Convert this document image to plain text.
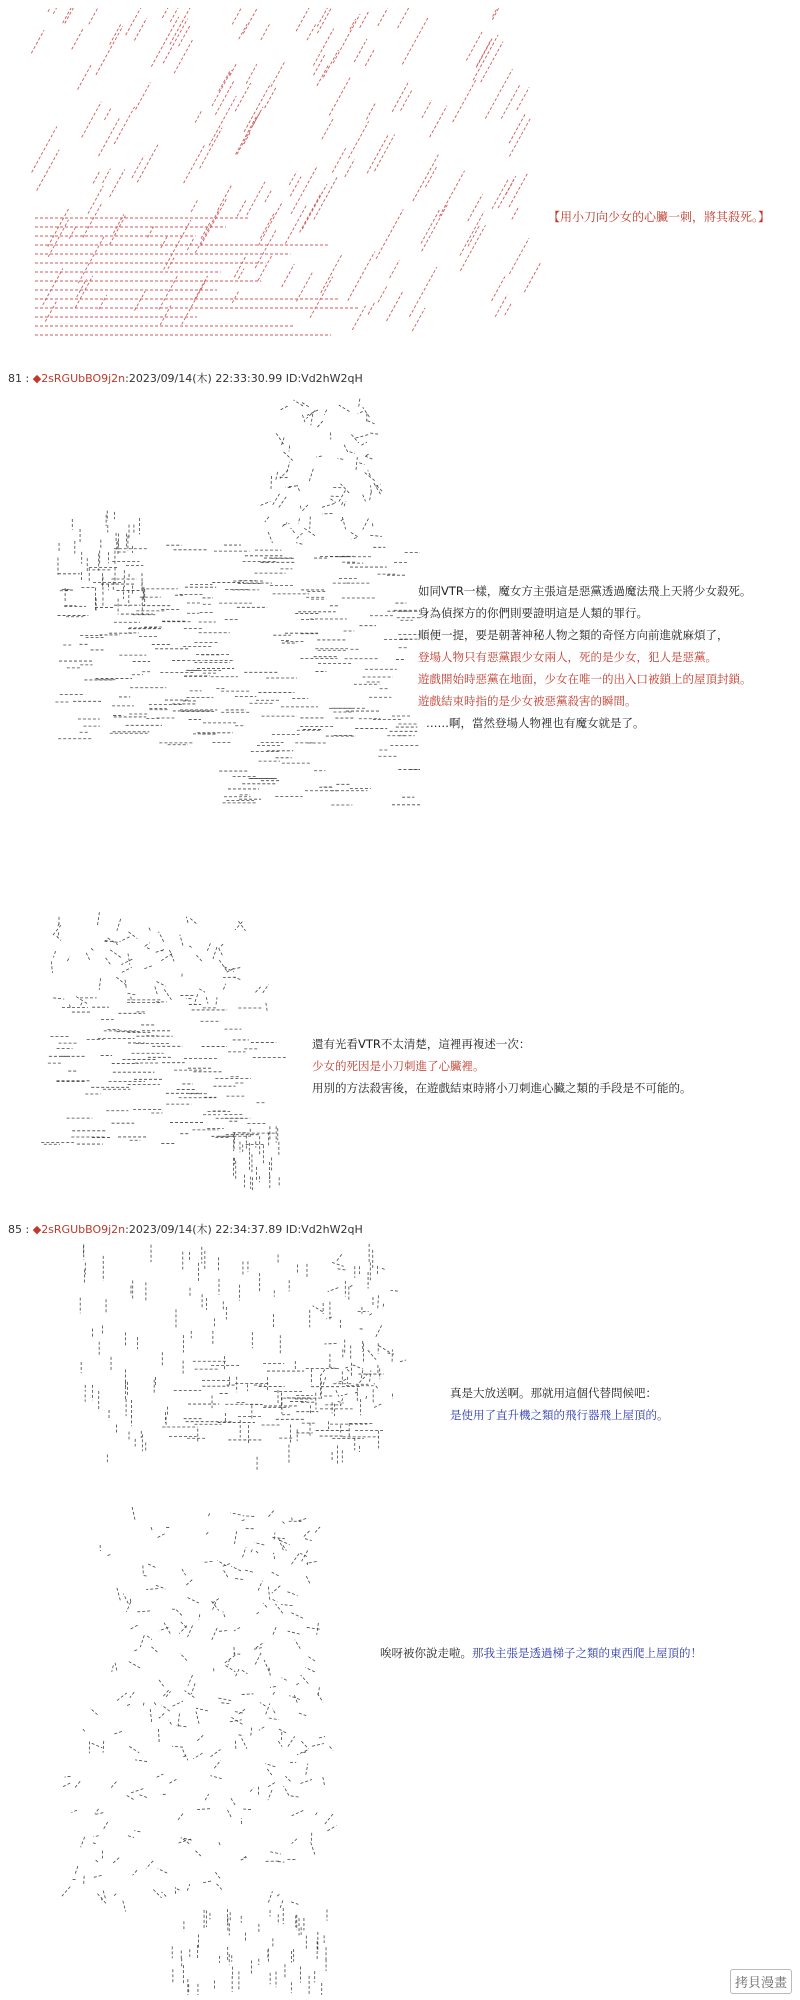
【用小刀向少女的心臟一刺，將其殺死。】
81 : ◆2sRGUbBO9j2n:2023/09/14(木) 22:33:30.99 ID:Vd2hW2qH
如同VTR一樣，魔女方主張這是惡黨透過魔法飛上天將少女殺死。
身為偵探方的你們則要證明這是人類的罪行。
順便一提，要是朝著神秘人物之類的奇怪方向前進就麻煩了，
登場人物只有惡黨跟少女兩人，死的是少女，犯人是惡黨。
遊戲開始時惡黨在地面，少女在唯一的出入口被鎖上的屋頂封鎖。
遊戲結束時指的是少女被惡黨殺害的瞬間。
……啊，當然登場人物裡也有魔女就是了。
還有光看VTR不太清楚，這裡再複述一次：
少女的死因是小刀刺進了心臟裡。
用別的方法殺害後，在遊戲結束時將小刀刺進心臟之類的手段是不可能的。
85 : ◆2sRGUbBO9j2n:2023/09/14(木) 22:34:37.89 ID:Vd2hW2qH
真是大放送啊。那就用這個代替問候吧：
是使用了直升機之類的飛行器飛上屋頂的。
唉呀被你說走啦。那我主張是透過梯子之類的東西爬上屋頂的！
拷貝漫畫
